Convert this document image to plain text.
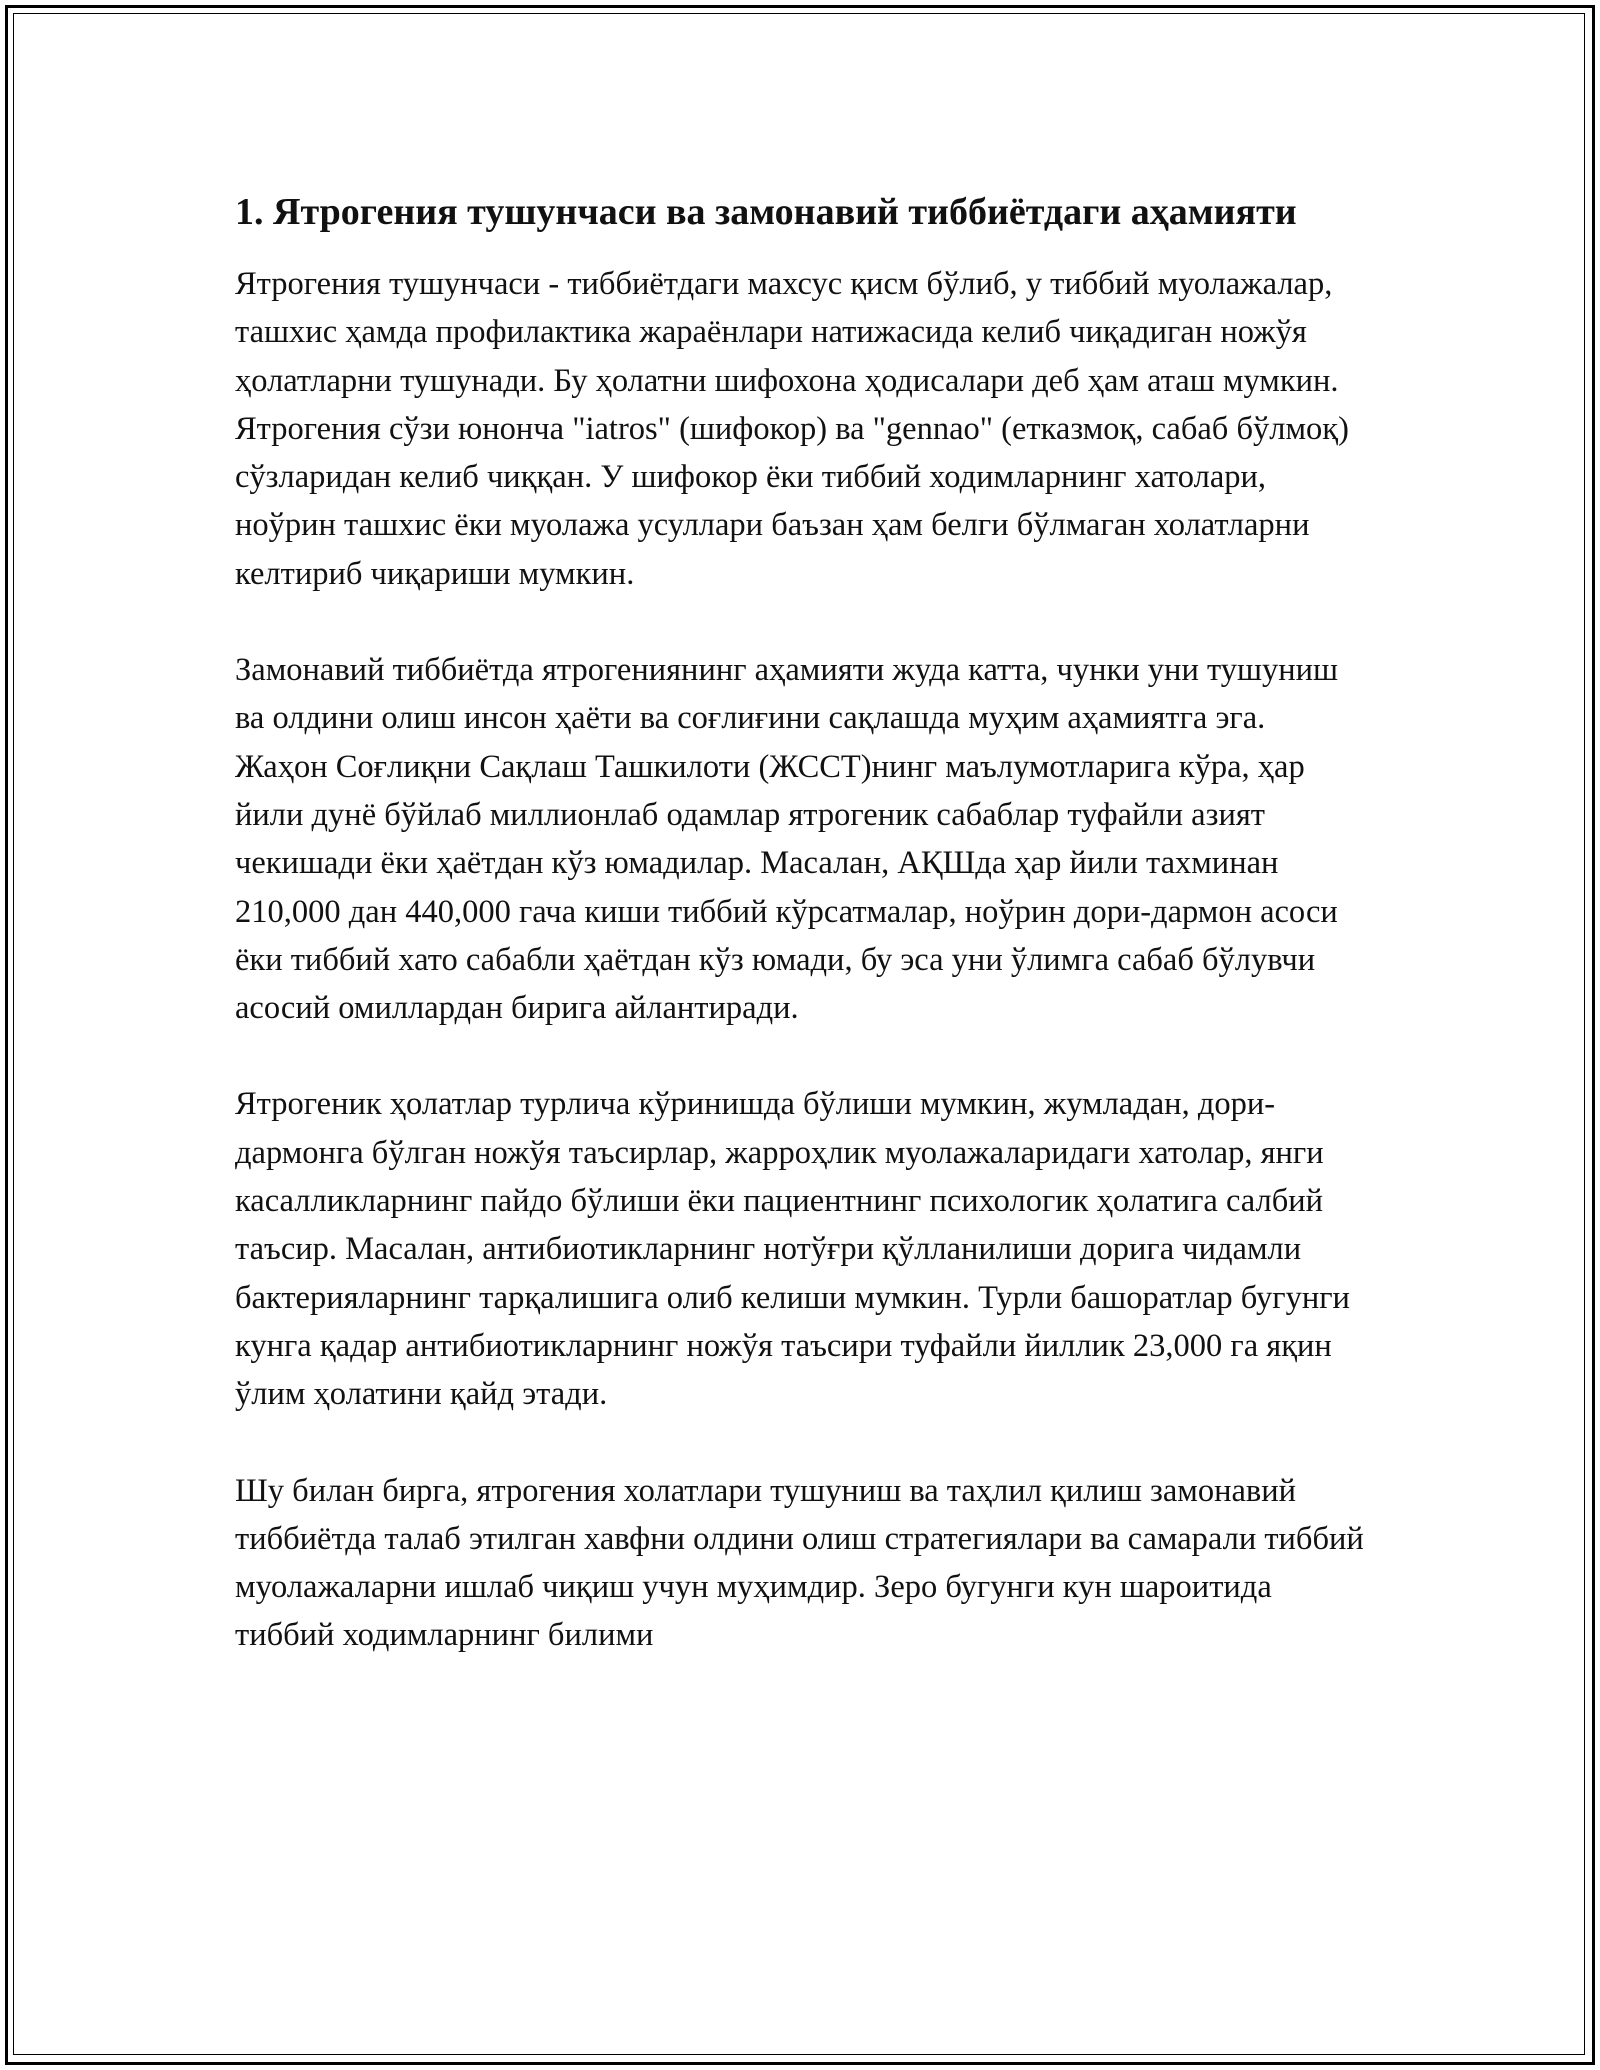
1. Ятрогения тушунчаси ва замонавий тиббиётдаги аҳамияти

Ятрогения тушунчаси - тиббиётдаги махсус қисм бўлиб, у тиббий муолажалар, ташхис ҳамда профилактика жараёнлари натижасида келиб чиқадиган ножўя ҳолатларни тушунади. Бу ҳолатни шифохона ҳодисалари деб ҳам аташ мумкин. Ятрогения сўзи юнонча "iatros" (шифокор) ва "gennao" (етказмоқ, сабаб бўлмоқ) сўзларидан келиб чиққан. У шифокор ёки тиббий ходимларнинг хатолари, ноўрин ташхис ёки муолажа усуллари баъзан ҳам белги бўлмаган холатларни келтириб чиқариши мумкин.

Замонавий тиббиётда ятрогениянинг аҳамияти жуда катта, чунки уни тушуниш ва олдини олиш инсон ҳаёти ва соғлиғини сақлашда муҳим аҳамиятга эга. Жаҳон Соғлиқни Сақлаш Ташкилоти (ЖССТ)нинг маълумотларига кўра, ҳар йили дунё бўйлаб миллионлаб одамлар ятрогеник сабаблар туфайли азият чекишади ёки ҳаётдан кўз юмадилар. Масалан, АҚШда ҳар йили тахминан 210,000 дан 440,000 гача киши тиббий кўрсатмалар, ноўрин дори-дармон асоси ёки тиббий хато сабабли ҳаётдан кўз юмади, бу эса уни ўлимга сабаб бўлувчи асосий омиллардан бирига айлантиради.

Ятрогеник ҳолатлар турлича кўринишда бўлиши мумкин, жумладан, дори-дармонга бўлган ножўя таъсирлар, жарроҳлик муолажаларидаги хатолар, янги касалликларнинг пайдо бўлиши ёки пациентнинг психологик ҳолатига салбий таъсир. Масалан, антибиотикларнинг нотўғри қўлланилиши дорига чидамли бактерияларнинг тарқалишига олиб келиши мумкин. Турли башоратлар бугунги кунга қадар антибиотикларнинг ножўя таъсири туфайли йиллик 23,000 га яқин ўлим ҳолатини қайд этади.

Шу билан бирга, ятрогения холатлари тушуниш ва таҳлил қилиш замонавий тиббиётда талаб этилган хавфни олдини олиш стратегиялари ва самарали тиббий муолажаларни ишлаб чиқиш учун муҳимдир. Зеро бугунги кун шароитида тиббий ходимларнинг билими
